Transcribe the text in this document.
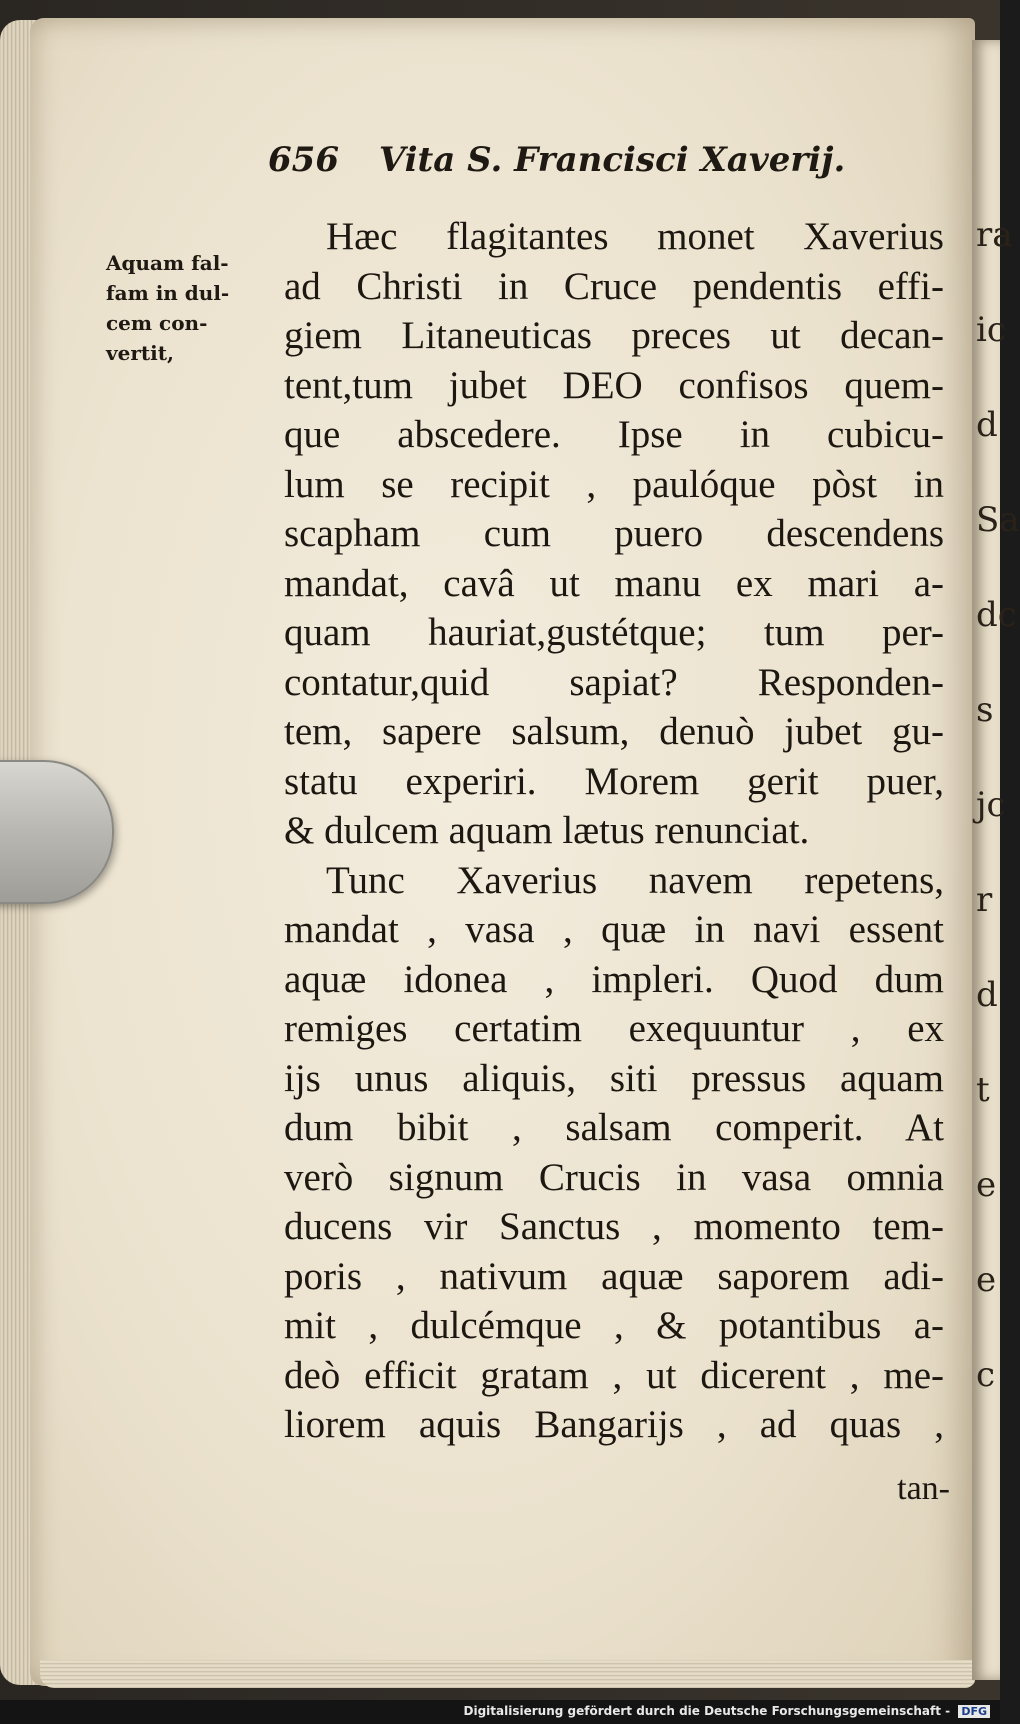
ra
ic
d
Sa
dc
s
jc
r
d
t
e
e
c
656 Vita S. Francisci Xaverij.
Aquam fal-
fam in dul-
cem con-
vertit,
Hæc flagitantes monet Xaverius
ad Christi in Cruce pendentis effi-
giem Litaneuticas preces ut decan-
tent,tum jubet DEO confisos quem-
que abscedere. Ipse in cubicu-
lum se recipit , paulóque pòst in
scapham cum puero descendens
mandat, cavâ ut manu ex mari a-
quam hauriat,gustétque; tum per-
contatur,quid sapiat? Responden-
tem, sapere salsum, denuò jubet gu-
statu experiri. Morem gerit puer,
& dulcem aquam lætus renunciat.
Tunc Xaverius navem repetens,
mandat , vasa , quæ in navi essent
aquæ idonea , impleri. Quod dum
remiges certatim exequuntur , ex
ijs unus aliquis, siti pressus aquam
dum bibit , salsam comperit. At
verò signum Crucis in vasa omnia
ducens vir Sanctus , momento tem-
poris , nativum aquæ saporem adi-
mit , dulcémque , & potantibus a-
deò efficit gratam , ut dicerent , me-
liorem aquis Bangarijs , ad quas ,
tan-
Digitalisierung gefördert durch die Deutsche Forschungsgemeinschaft - DFG
